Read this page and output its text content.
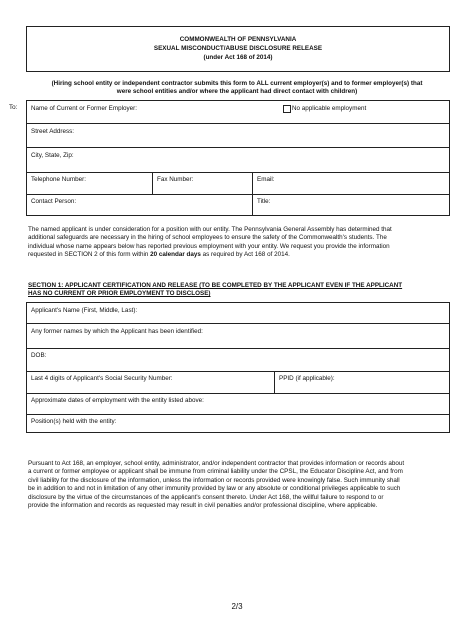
COMMONWEALTH OF PENNSYLVANIA
SEXUAL MISCONDUCT/ABUSE DISCLOSURE RELEASE
(under Act 168 of 2014)
(Hiring school entity or independent contractor submits this form to ALL current employer(s) and to former employer(s) that
were school entities and/or where the applicant had direct contact with children)
To: Name of Current or Former Employer:	No applicable employment
Street Address:
City, State, Zip:
Telephone Number:	Fax Number:	Email:
Contact Person:	Title:
The named applicant is under consideration for a position with our entity. The Pennsylvania General Assembly has determined that
additional safeguards are necessary in the hiring of school employees to ensure the safety of the Commonwealth's students. The
individual whose name appears below has reported previous employment with your entity. We request you provide the information
requested in SECTION 2 of this form within 20 calendar days as required by Act 168 of 2014.
SECTION 1: APPLICANT CERTIFICATION AND RELEASE (TO BE COMPLETED BY THE APPLICANT EVEN IF THE APPLICANT
HAS NO CURRENT OR PRIOR EMPLOYMENT TO DISCLOSE)
Applicant's Name (First, Middle, Last):
Any former names by which the Applicant has been identified:
DOB:
Last 4 digits of Applicant's Social Security Number:	PPID (if applicable):
Approximate dates of employment with the entity listed above:
Position(s) held with the entity:
Pursuant to Act 168, an employer, school entity, administrator, and/or independent contractor that provides information or records about
a current or former employee or applicant shall be immune from criminal liability under the CPSL, the Educator Discipline Act, and from
civil liability for the disclosure of the information, unless the information or records provided were knowingly false. Such immunity shall
be in addition to and not in limitation of any other immunity provided by law or any absolute or conditional privileges applicable to such
disclosure by the virtue of the circumstances of the applicant's consent thereto. Under Act 168, the willful failure to respond to or
provide the information and records as requested may result in civil penalties and/or professional discipline, where applicable.
2/3
